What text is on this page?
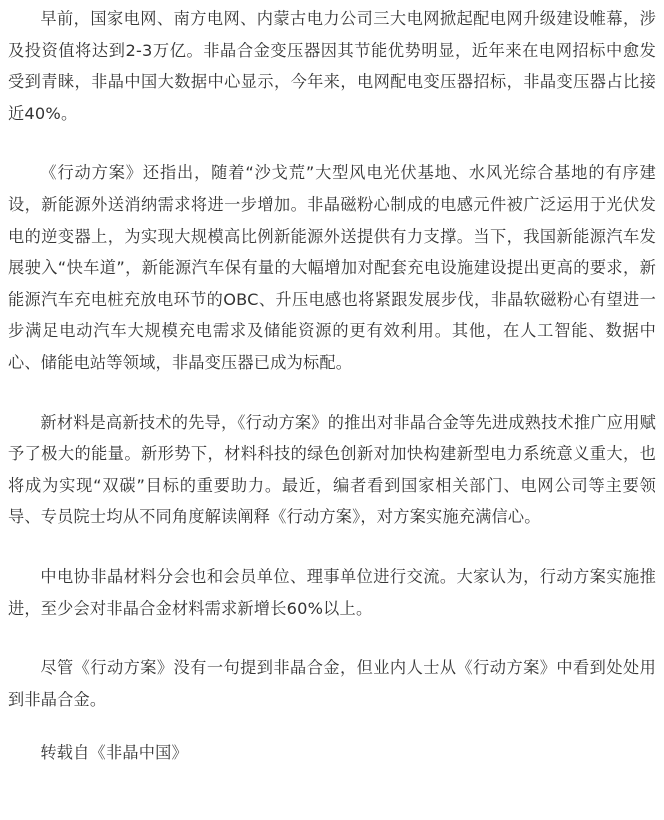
早前，国家电网、南方电网、内蒙古电力公司三大电网掀起配电网升级建设帷幕，涉及投资值将达到2-3万亿。非晶合金变压器因其节能优势明显，近年来在电网招标中愈发受到青睐，非晶中国大数据中心显示，今年来，电网配电变压器招标，非晶变压器占比接近40%。

《行动方案》还指出，随着“沙戈荒”大型风电光伏基地、水风光综合基地的有序建设，新能源外送消纳需求将进一步增加。非晶磁粉心制成的电感元件被广泛运用于光伏发电的逆变器上，为实现大规模高比例新能源外送提供有力支撑。当下，我国新能源汽车发展驶入“快车道”，新能源汽车保有量的大幅增加对配套充电设施建设提出更高的要求，新能源汽车充电桩充放电环节的OBC、升压电感也将紧跟发展步伐，非晶软磁粉心有望进一步满足电动汽车大规模充电需求及储能资源的更有效利用。其他，在人工智能、数据中心、储能电站等领域，非晶变压器已成为标配。

新材料是高新技术的先导，《行动方案》的推出对非晶合金等先进成熟技术推广应用赋予了极大的能量。新形势下，材料科技的绿色创新对加快构建新型电力系统意义重大，也将成为实现“双碳”目标的重要助力。最近，编者看到国家相关部门、电网公司等主要领导、专员院士均从不同角度解读阐释《行动方案》，对方案实施充满信心。

中电协非晶材料分会也和会员单位、理事单位进行交流。大家认为，行动方案实施推进，至少会对非晶合金材料需求新增长60%以上。

尽管《行动方案》没有一句提到非晶合金，但业内人士从《行动方案》中看到处处用到非晶合金。

转载自《非晶中国》
